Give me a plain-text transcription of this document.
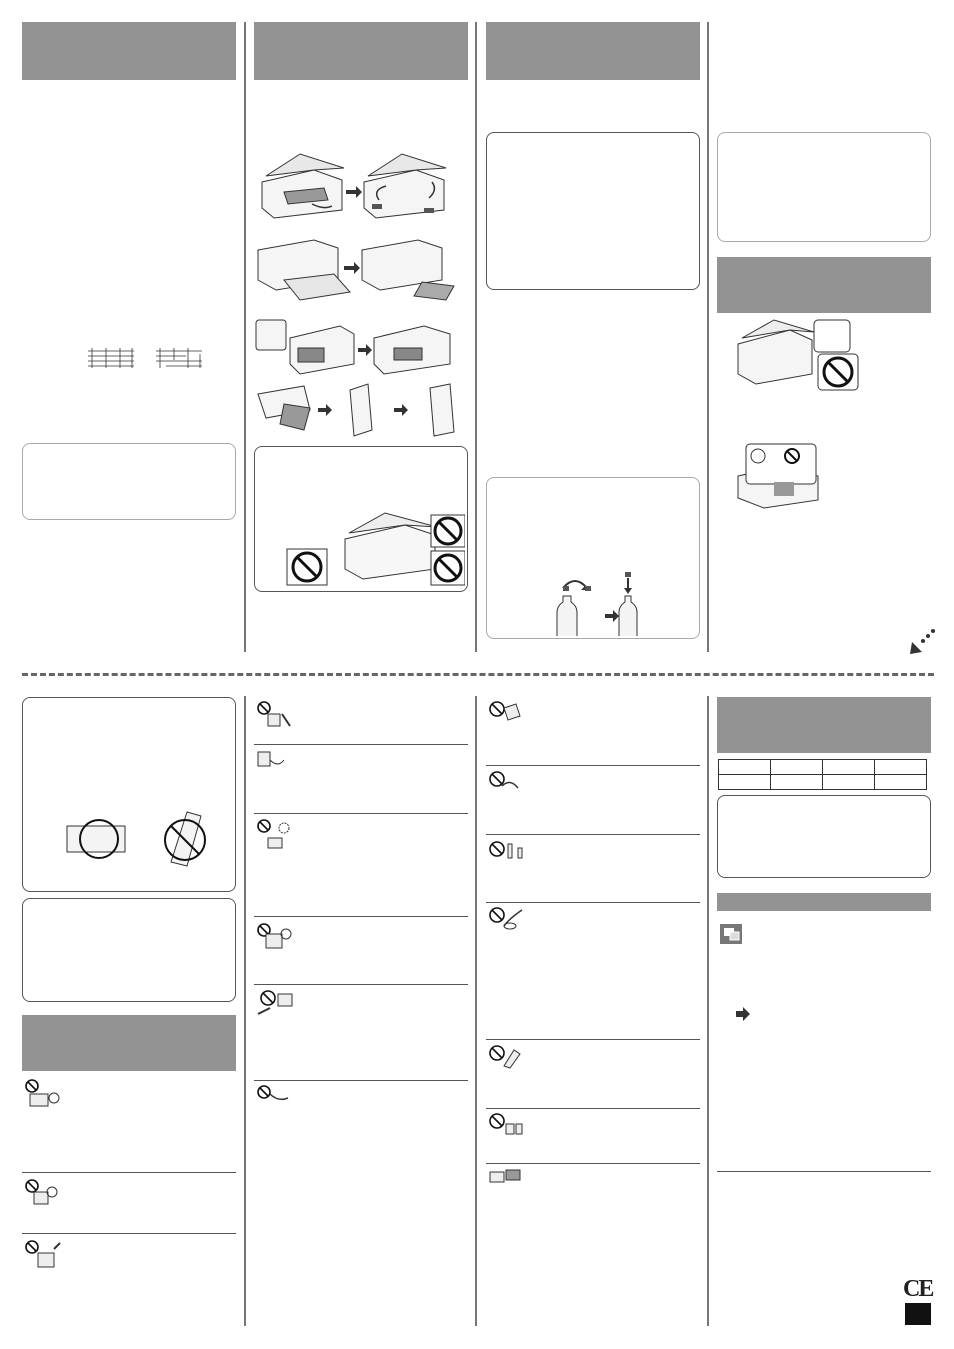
CE
